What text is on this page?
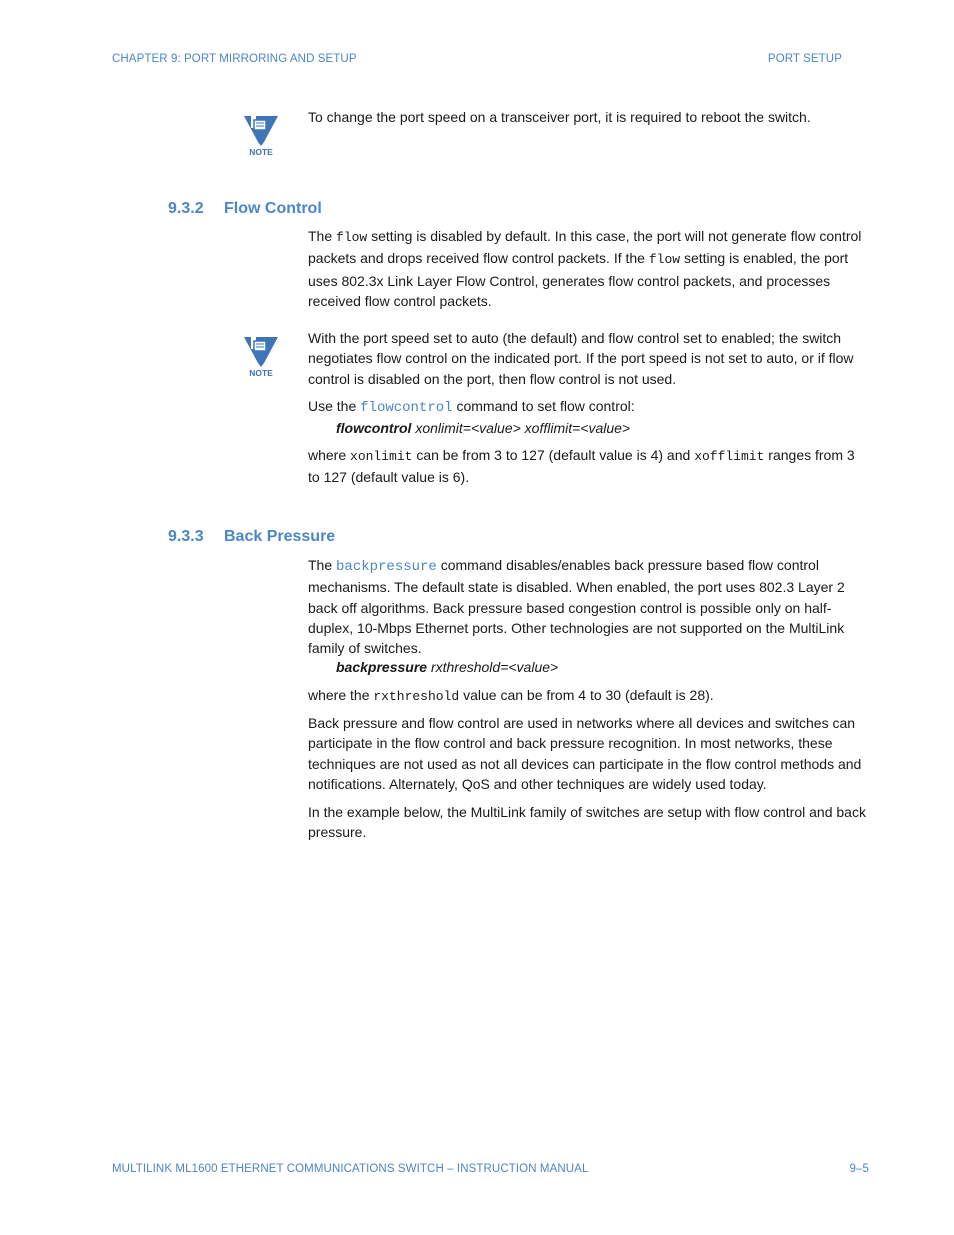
CHAPTER 9: PORT MIRRORING AND SETUP	PORT SETUP
NOTE
To change the port speed on a transceiver port, it is required to reboot the switch.
9.3.2 Flow Control
The flow setting is disabled by default. In this case, the port will not generate flow control packets and drops received flow control packets. If the flow setting is enabled, the port uses 802.3x Link Layer Flow Control, generates flow control packets, and processes received flow control packets.
NOTE
With the port speed set to auto (the default) and flow control set to enabled; the switch negotiates flow control on the indicated port. If the port speed is not set to auto, or if flow control is disabled on the port, then flow control is not used.
Use the flowcontrol command to set flow control:
flowcontrol xonlimit=<value> xofflimit=<value>
where xonlimit can be from 3 to 127 (default value is 4) and xofflimit ranges from 3 to 127 (default value is 6).
9.3.3 Back Pressure
The backpressure command disables/enables back pressure based flow control mechanisms. The default state is disabled. When enabled, the port uses 802.3 Layer 2 back off algorithms. Back pressure based congestion control is possible only on half-duplex, 10-Mbps Ethernet ports. Other technologies are not supported on the MultiLink family of switches.
backpressure rxthreshold=<value>
where the rxthreshold value can be from 4 to 30 (default is 28).
Back pressure and flow control are used in networks where all devices and switches can participate in the flow control and back pressure recognition. In most networks, these techniques are not used as not all devices can participate in the flow control methods and notifications. Alternately, QoS and other techniques are widely used today.
In the example below, the MultiLink family of switches are setup with flow control and back pressure.
MULTILINK ML1600 ETHERNET COMMUNICATIONS SWITCH – INSTRUCTION MANUAL	9–5
